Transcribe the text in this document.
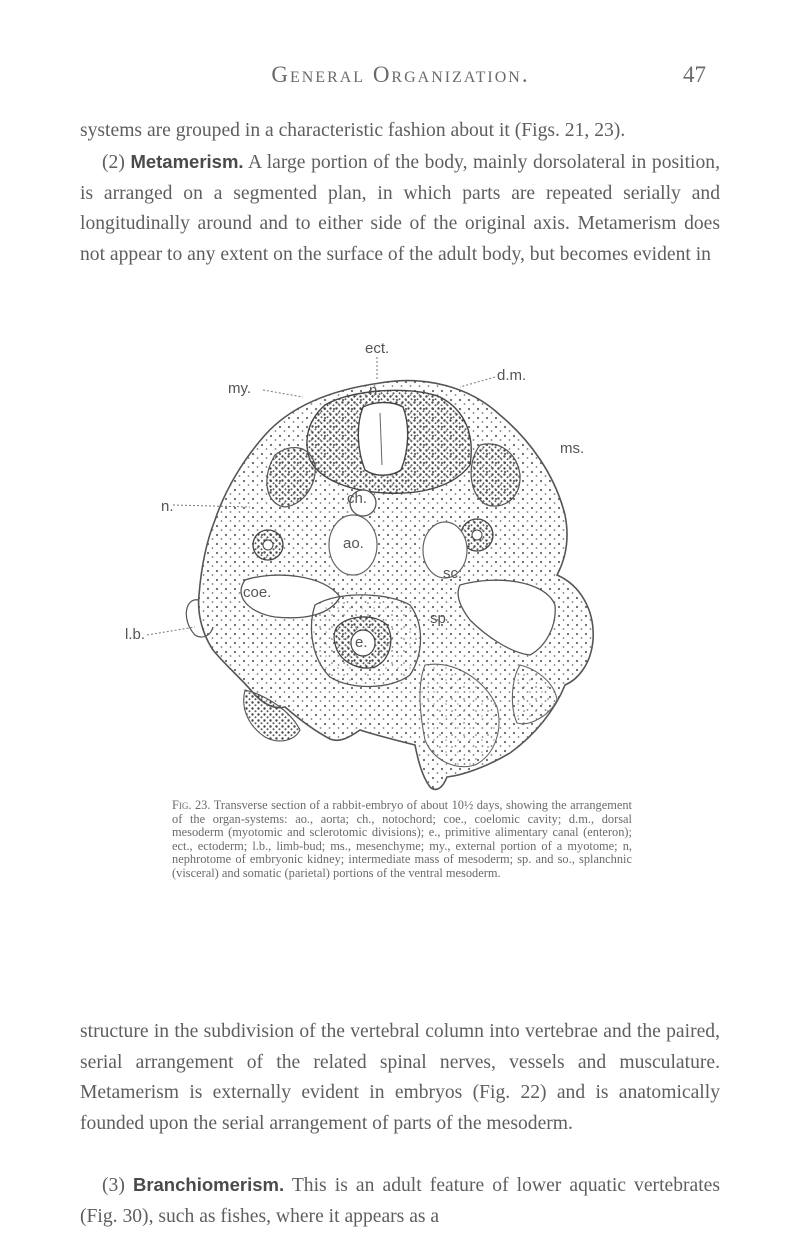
General Organization.	47

systems are grouped in a characteristic fashion about it (Figs. 21, 23).

(2) Metamerism. A large portion of the body, mainly dorsolateral in position, is arranged on a segmented plan, in which parts are repeated serially and longitudinally around and to either side of the original axis. Metamerism does not appear to any extent on the surface of the adult body, but becomes evident in

ect.
my.
d.m.
ms.
n.
n.
ch.
ao.
sc.
coe.
sp.
e.
l.b.

Fig. 23. Transverse section of a rabbit-embryo of about 10½ days, showing the arrangement of the organ-systems: ao., aorta; ch., notochord; coe., coelomic cavity; d.m., dorsal mesoderm (myotomic and sclerotomic divisions); e., primitive alimentary canal (enteron); ect., ectoderm; l.b., limb-bud; ms., mesenchyme; my., external portion of a myotome; n, nephrotome of embryonic kidney; intermediate mass of mesoderm; sp. and so., splanchnic (visceral) and somatic (parietal) portions of the ventral mesoderm.

structure in the subdivision of the vertebral column into vertebrae and the paired, serial arrangement of the related spinal nerves, vessels and musculature. Metamerism is externally evident in embryos (Fig. 22) and is anatomically founded upon the serial arrangement of parts of the mesoderm.

(3) Branchiomerism. This is an adult feature of lower aquatic vertebrates (Fig. 30), such as fishes, where it appears as a
